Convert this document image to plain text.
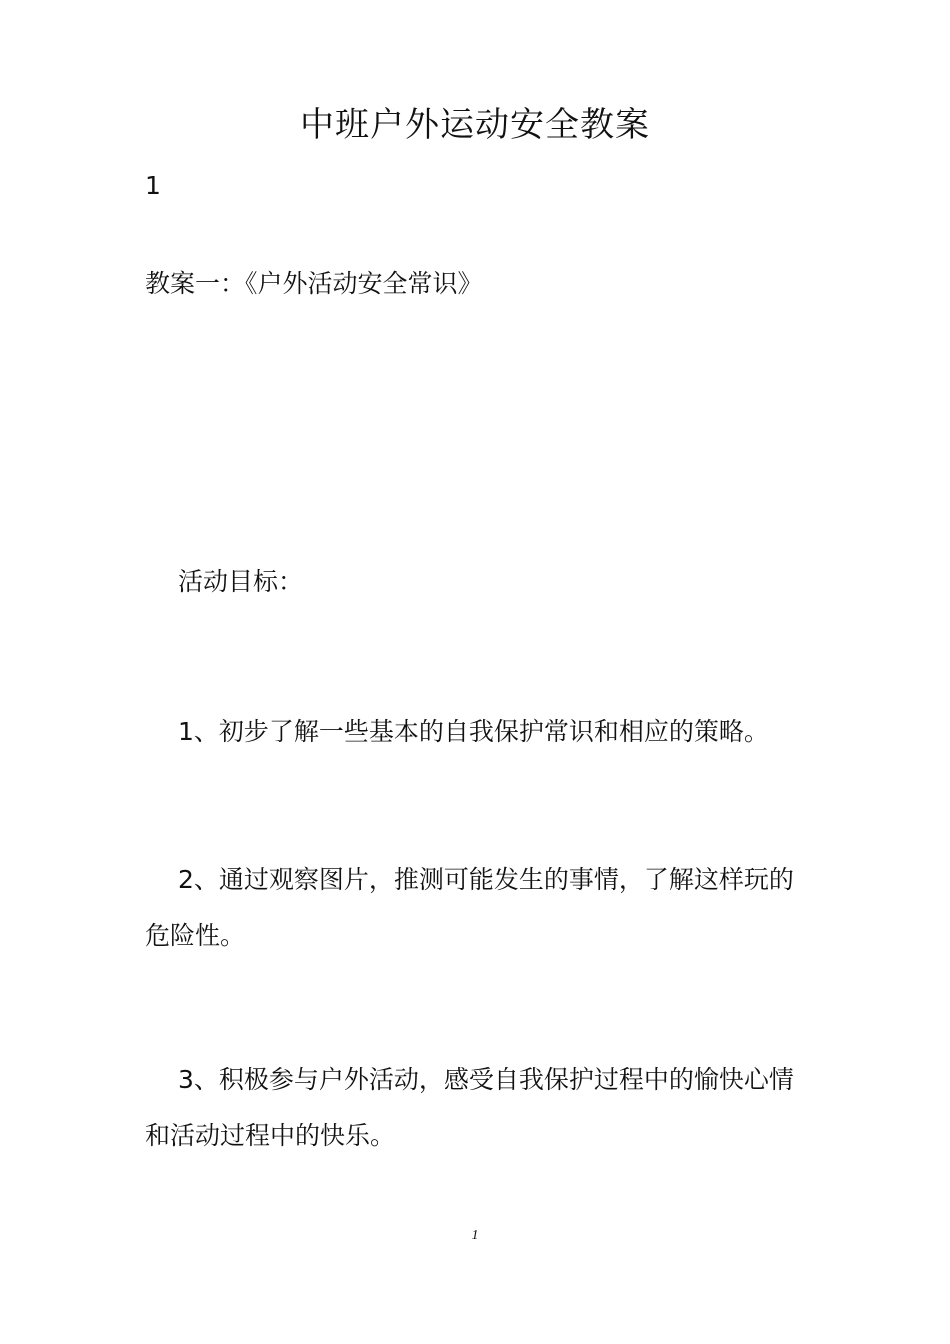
中班户外运动安全教案
1
教案一：《户外活动安全常识》
活动目标：
1、初步了解一些基本的自我保护常识和相应的策略。
2、通过观察图片，推测可能发生的事情，了解这样玩的危险性。
3、积极参与户外活动，感受自我保护过程中的愉快心情和活动过程中的快乐。
1
